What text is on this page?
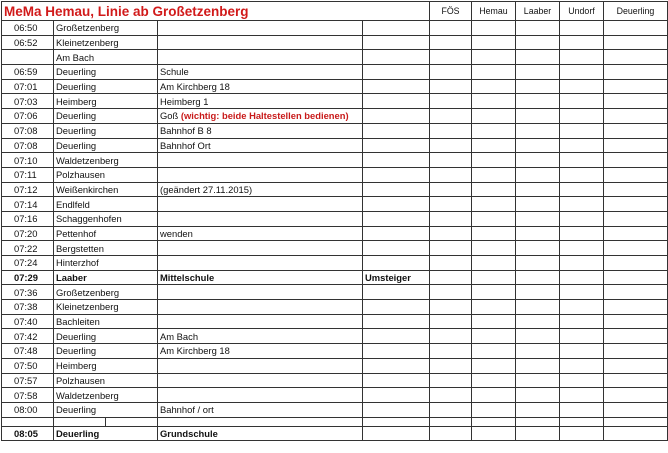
MeMa Hemau, Linie ab Großetzenberg					FÖS	Hemau	Laaber	Undorf	Deuerling
06:50	Großetzenberg								
06:52	Kleinetzenberg								
	Am Bach								
06:59	Deuerling		Schule						
07:01	Deuerling		Am Kirchberg 18						
07:03	Heimberg		Heimberg 1						
07:06	Deuerling		Goß (wichtig: beide Haltestellen bedienen)						
07:08	Deuerling		Bahnhof B 8						
07:08	Deuerling		Bahnhof Ort						
07:10	Waldetzenberg								
07:11	Polzhausen								
07:12	Weißenkirchen		(geändert 27.11.2015)						
07:14	Endlfeld								
07:16	Schaggenhofen								
07:20	Pettenhof		wenden						
07:22	Bergstetten								
07:24	Hinterzhof								
07:29	Laaber		Mittelschule	Umsteiger					
07:36	Großetzenberg								
07:38	Kleinetzenberg								
07:40	Bachleiten								
07:42	Deuerling		Am Bach						
07:48	Deuerling		Am Kirchberg 18						
07:50	Heimberg								
07:57	Polzhausen								
07:58	Waldetzenberg								
08:00	Deuerling		Bahnhof / ort						

08:05	Deuerling		Grundschule						
